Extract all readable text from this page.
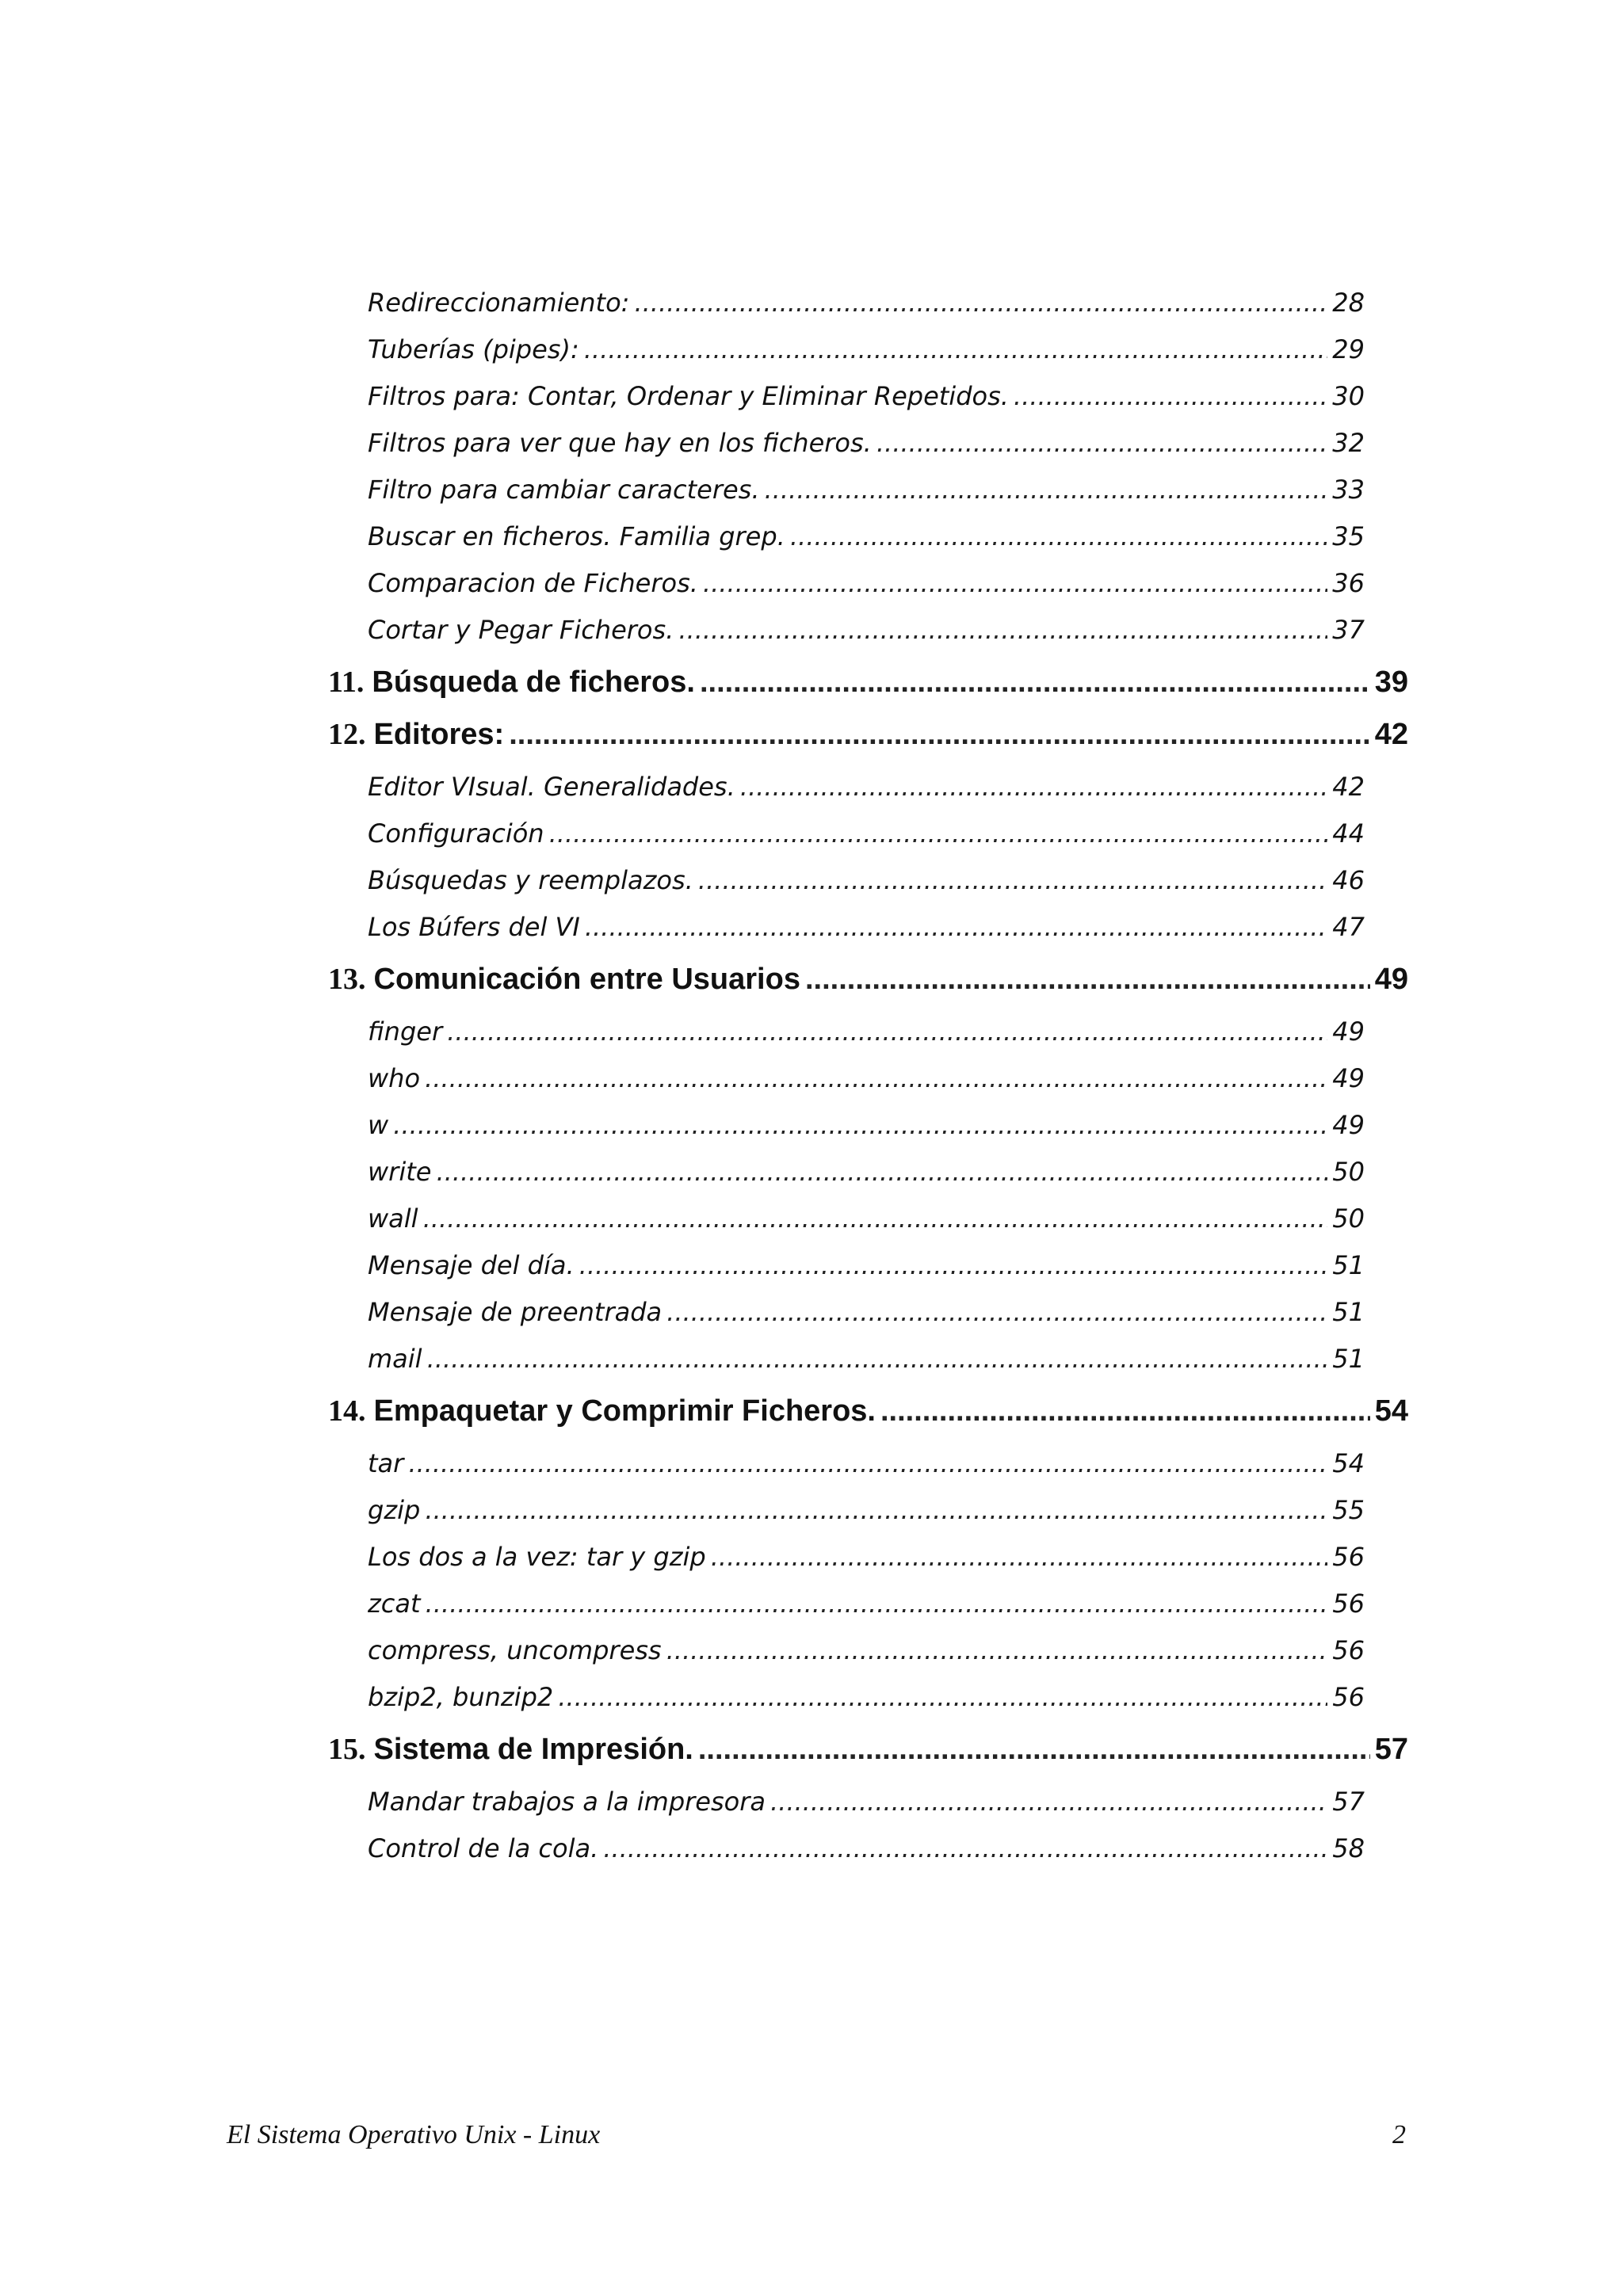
Redireccionamiento: .....	28
Tuberías (pipes): .....	29
Filtros para: Contar, Ordenar y Eliminar Repetidos. .....	30
Filtros para ver que hay en los ficheros. .....	32
Filtro para cambiar caracteres. .....	33
Buscar en ficheros. Familia grep. .....	35
Comparacion de Ficheros. .....	36
Cortar y Pegar Ficheros. .....	37
11. Búsqueda de ficheros. .....	39
12. Editores: .....	42
Editor VIsual. Generalidades. .....	42
Configuración .....	44
Búsquedas y reemplazos. .....	46
Los Búfers del VI .....	47
13. Comunicación entre Usuarios .....	49
finger .....	49
who .....	49
w .....	49
write .....	50
wall .....	50
Mensaje del día. .....	51
Mensaje de preentrada .....	51
mail .....	51
14. Empaquetar y Comprimir Ficheros. .....	54
tar .....	54
gzip .....	55
Los dos a la vez: tar y gzip .....	56
zcat .....	56
compress, uncompress .....	56
bzip2, bunzip2 .....	56
15. Sistema de Impresión. .....	57
Mandar trabajos a la impresora .....	57
Control de la cola. .....	58
El Sistema Operativo Unix - Linux	2
